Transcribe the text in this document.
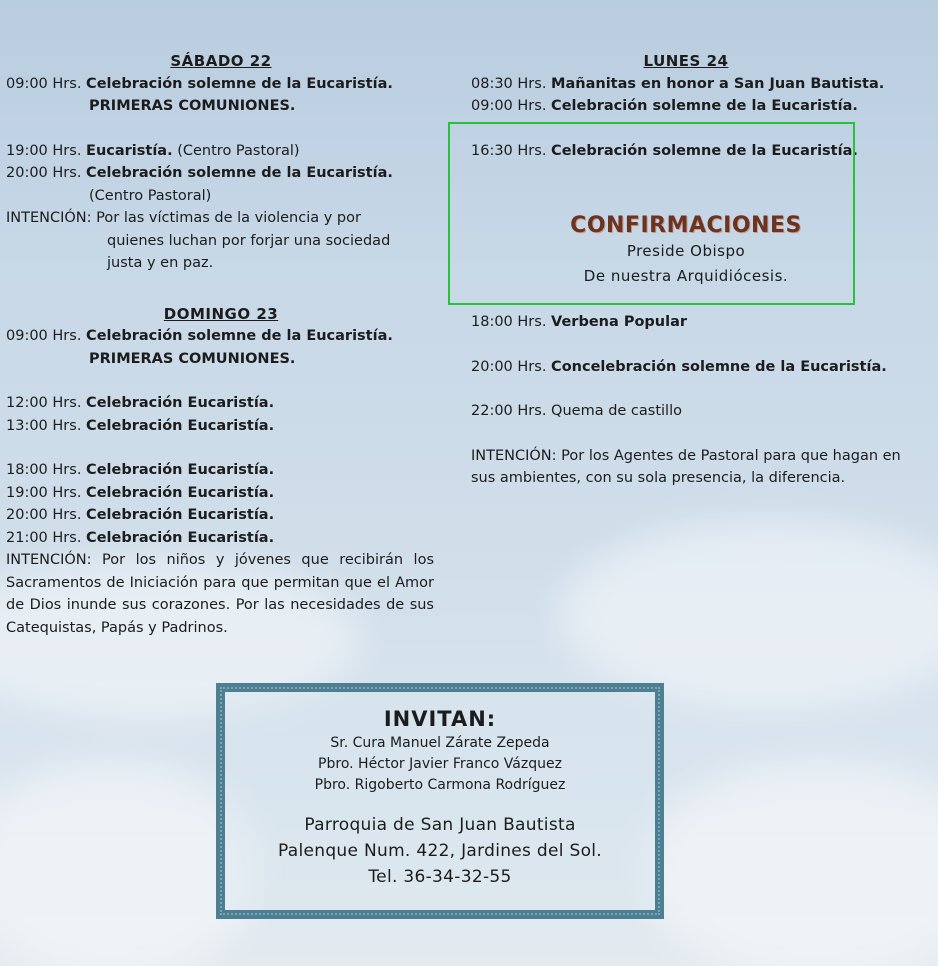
SÁBADO 22
09:00 Hrs. Celebración solemne de la Eucaristía.
PRIMERAS COMUNIONES.
19:00 Hrs. Eucaristía. (Centro Pastoral)
20:00 Hrs. Celebración solemne de la Eucaristía.
(Centro Pastoral)
INTENCIÓN: Por las víctimas de la violencia y por
quienes luchan por forjar una sociedad
justa y en paz.
DOMINGO 23
09:00 Hrs. Celebración solemne de la Eucaristía.
PRIMERAS COMUNIONES.
12:00 Hrs. Celebración Eucaristía.
13:00 Hrs. Celebración Eucaristía.
18:00 Hrs. Celebración Eucaristía.
19:00 Hrs. Celebración Eucaristía.
20:00 Hrs. Celebración Eucaristía.
21:00 Hrs. Celebración Eucaristía.
INTENCIÓN: Por los niños y jóvenes que recibirán los Sacramentos de Iniciación para que permitan que el Amor de Dios inunde sus corazones. Por las necesidades de sus Catequistas, Papás y Padrinos.
LUNES 24
08:30 Hrs. Mañanitas en honor a San Juan Bautista.
09:00 Hrs. Celebración solemne de la Eucaristía.
16:30 Hrs. Celebración solemne de la Eucaristía.
CONFIRMACIONES
Preside Obispo
De nuestra Arquidiócesis.
18:00 Hrs. Verbena Popular
20:00 Hrs. Concelebración solemne de la Eucaristía.
22:00 Hrs. Quema de castillo
INTENCIÓN: Por los Agentes de Pastoral para que hagan en
sus ambientes, con su sola presencia, la diferencia.
INVITAN:
Sr. Cura Manuel Zárate Zepeda
Pbro. Héctor Javier Franco Vázquez
Pbro. Rigoberto Carmona Rodríguez
Parroquia de San Juan Bautista
Palenque Num. 422, Jardines del Sol.
Tel. 36-34-32-55
